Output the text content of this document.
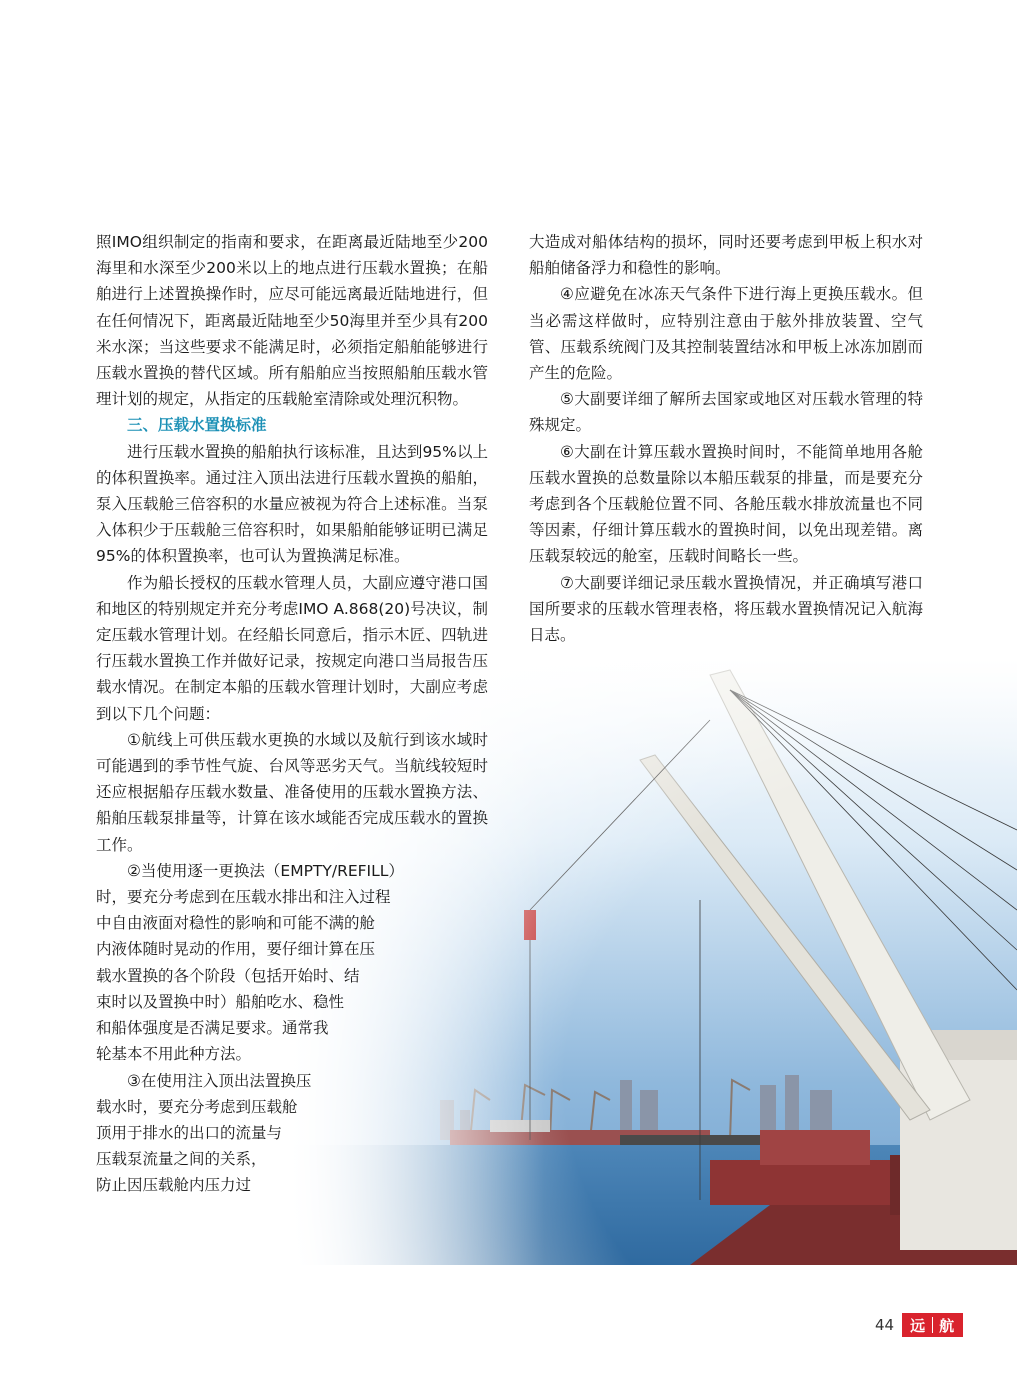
照IMO组织制定的指南和要求，在距离最近陆地至少200海里和水深至少200米以上的地点进行压载水置换；在船舶进行上述置换操作时，应尽可能远离最近陆地进行，但在任何情况下，距离最近陆地至少50海里并至少具有200米水深；当这些要求不能满足时，必须指定船舶能够进行压载水置换的替代区域。所有船舶应当按照船舶压载水管理计划的规定，从指定的压载舱室清除或处理沉积物。

三、压载水置换标准

进行压载水置换的船舶执行该标准，且达到95%以上的体积置换率。通过注入顶出法进行压载水置换的船舶，泵入压载舱三倍容积的水量应被视为符合上述标准。当泵入体积少于压载舱三倍容积时，如果船舶能够证明已满足95%的体积置换率，也可认为置换满足标准。

作为船长授权的压载水管理人员，大副应遵守港口国和地区的特别规定并充分考虑IMO A.868(20)号决议，制定压载水管理计划。在经船长同意后，指示木匠、四轨进行压载水置换工作并做好记录，按规定向港口当局报告压载水情况。在制定本船的压载水管理计划时，大副应考虑到以下几个问题：

①航线上可供压载水更换的水域以及航行到该水域时可能遇到的季节性气旋、台风等恶劣天气。当航线较短时还应根据船存压载水数量、准备使用的压载水置换方法、船舶压载泵排量等，计算在该水域能否完成压载水的置换工作。

②当使用逐一更换法（EMPTY/REFILL）
时，要充分考虑到在压载水排出和注入过程
中自由液面对稳性的影响和可能不满的舱
内液体随时晃动的作用，要仔细计算在压
载水置换的各个阶段（包括开始时、结
束时以及置换中时）船舶吃水、稳性
和船体强度是否满足要求。通常我
轮基本不用此种方法。
③在使用注入顶出法置换压
载水时，要充分考虑到压载舱
顶用于排水的出口的流量与
压载泵流量之间的关系，
防止因压载舱内压力过

大造成对船体结构的损坏，同时还要考虑到甲板上积水对船舶储备浮力和稳性的影响。

④应避免在冰冻天气条件下进行海上更换压载水。但当必需这样做时，应特别注意由于舷外排放装置、空气管、压载系统阀门及其控制装置结冰和甲板上冰冻加剧而产生的危险。

⑤大副要详细了解所去国家或地区对压载水管理的特殊规定。

⑥大副在计算压载水置换时间时，不能简单地用各舱压载水置换的总数量除以本船压载泵的排量，而是要充分考虑到各个压载舱位置不同、各舱压载水排放流量也不同等因素，仔细计算压载水的置换时间，以免出现差错。离压载泵较远的舱室，压载时间略长一些。

⑦大副要详细记录压载水置换情况，并正确填写港口国所要求的压载水管理表格，将压载水置换情况记入航海日志。

44 远 航
